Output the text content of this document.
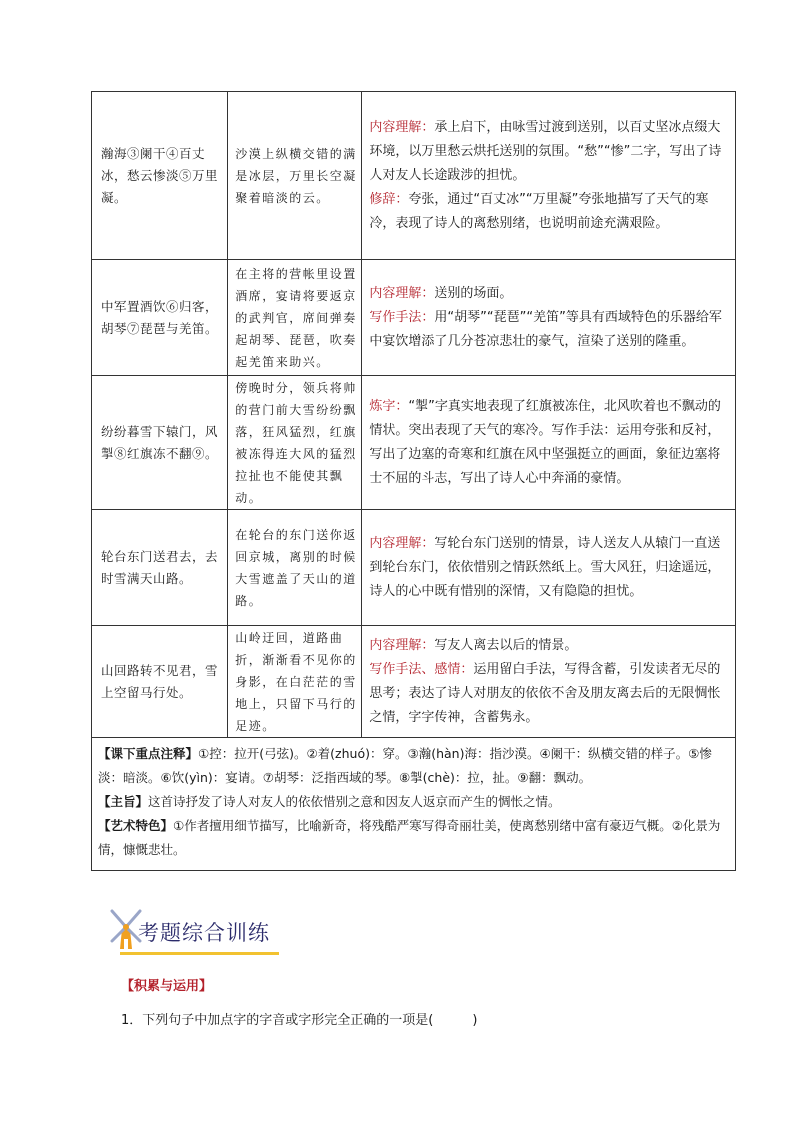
瀚海③阑干④百丈冰，愁云惨淡⑤万里凝。	沙漠上纵横交错的满是冰层，万里长空凝聚着暗淡的云。	内容理解：承上启下，由咏雪过渡到送别，以百丈坚冰点缀大环境，以万里愁云烘托送别的氛围。“愁”“惨”二字，写出了诗人对友人长途跋涉的担忧。
修辞：夸张，通过“百丈冰”“万里凝”夸张地描写了天气的寒冷，表现了诗人的离愁别绪，也说明前途充满艰险。

中军置酒饮⑥归客，胡琴⑦琵琶与羌笛。	在主将的营帐里设置酒席，宴请将要返京的武判官，席间弹奏起胡琴、琵琶，吹奏起羌笛来助兴。	内容理解：送别的场面。
写作手法：用“胡琴”“琵琶”“羌笛”等具有西域特色的乐器给军中宴饮增添了几分苍凉悲壮的豪气，渲染了送别的隆重。

纷纷暮雪下辕门，风掣⑧红旗冻不翻⑨。	傍晚时分，领兵将帅的营门前大雪纷纷飘落，狂风猛烈，红旗被冻得连大风的猛烈拉扯也不能使其飘动。	炼字：“掣”字真实地表现了红旗被冻住，北风吹着也不飘动的情状。突出表现了天气的寒冷。写作手法：运用夸张和反衬，写出了边塞的奇寒和红旗在风中坚强挺立的画面，象征边塞将士不屈的斗志，写出了诗人心中奔涌的豪情。

轮台东门送君去，去时雪满天山路。	在轮台的东门送你返回京城，离别的时候大雪遮盖了天山的道路。	内容理解：写轮台东门送别的情景，诗人送友人从辕门一直送到轮台东门，依依惜别之情跃然纸上。雪大风狂，归途遥远，诗人的心中既有惜别的深情，又有隐隐的担忧。

山回路转不见君，雪上空留马行处。	山岭迂回，道路曲折，渐渐看不见你的身影，在白茫茫的雪地上，只留下马行的足迹。	内容理解：写友人离去以后的情景。
写作手法、感情：运用留白手法，写得含蓄，引发读者无尽的思考；表达了诗人对朋友的依依不舍及朋友离去后的无限惆怅之情，字字传神，含蓄隽永。

【课下重点注释】①控：拉开(弓弦)。②着(zhuó)：穿。③瀚(hàn)海：指沙漠。④阑干：纵横交错的样子。⑤惨淡：暗淡。⑥饮(yìn)：宴请。⑦胡琴：泛指西域的琴。⑧掣(chè)：拉，扯。⑨翻：飘动。

【主旨】这首诗抒发了诗人对友人的依依惜别之意和因友人返京而产生的惆怅之情。

【艺术特色】①作者擅用细节描写，比喻新奇，将残酷严寒写得奇丽壮美，使离愁别绪中富有豪迈气概。②化景为情，慷慨悲壮。		

考题综合训练
【积累与运用】
1．下列句子中加点字的字音或字形完全正确的一项是(　　　)
